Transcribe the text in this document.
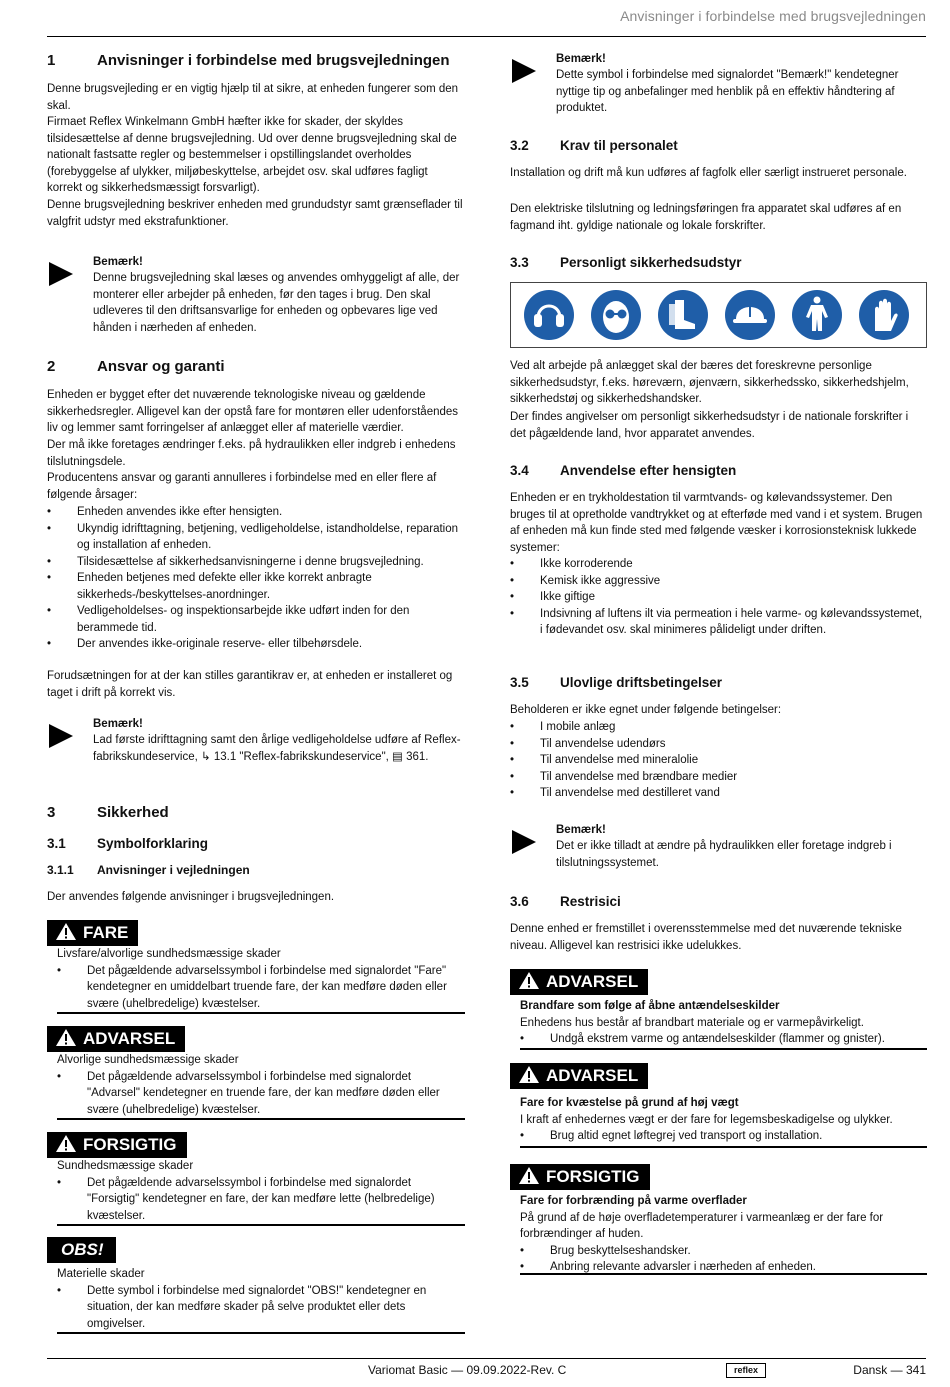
Anvisninger i forbindelse med brugsvejledningen
1	Anvisninger i forbindelse med brugsvejledningen
Denne brugsvejleding er en vigtig hjælp til at sikre, at enheden fungerer som den skal.
Firmaet Reflex Winkelmann GmbH hæfter ikke for skader, der skyldes tilsidesættelse af denne brugsvejledning. Ud over denne brugsvejledning skal de nationalt fastsatte regler og bestemmelser i opstillingslandet overholdes (forebyggelse af ulykker, miljøbeskyttelse, arbejdet osv. skal udføres fagligt korrekt og sikkerhedsmæssigt forsvarligt).
Denne brugsvejledning beskriver enheden med grundudstyr samt grænseflader til valgfrit udstyr med ekstrafunktioner.
Bemærk!
Denne brugsvejledning skal læses og anvendes omhyggeligt af alle, der monterer eller arbejder på enheden, før den tages i brug. Den skal udleveres til den driftsansvarlige for enheden og opbevares lige ved hånden i nærheden af enheden.
2	Ansvar og garanti
Enheden er bygget efter det nuværende teknologiske niveau og gældende sikkerhedsregler. Alligevel kan der opstå fare for montøren eller udenforståendes liv og lemmer samt forringelser af anlægget eller af materielle værdier.
Der må ikke foretages ændringer f.eks. på hydraulikken eller indgreb i enhedens tilslutningsdele.
Producentens ansvar og garanti annulleres i forbindelse med en eller flere af følgende årsager:
• Enheden anvendes ikke efter hensigten.
• Ukyndig idrifttagning, betjening, vedligeholdelse, istandholdelse, reparation og installation af enheden.
• Tilsidesættelse af sikkerhedsanvisningerne i denne brugsvejledning.
• Enheden betjenes med defekte eller ikke korrekt anbragte sikkerheds-/beskyttelses-anordninger.
• Vedligeholdelses- og inspektionsarbejde ikke udført inden for den berammede tid.
• Der anvendes ikke-originale reserve- eller tilbehørsdele.
Forudsætningen for at der kan stilles garantikrav er, at enheden er installeret og taget i drift på korrekt vis.
Bemærk!
Lad første idrifttagning samt den årlige vedligeholdelse udføre af Reflex-fabrikskundeservice, ↳ 13.1 "Reflex-fabrikskundeservice", ▤ 361.
3	Sikkerhed
3.1 Symbolforklaring
3.1.1 Anvisninger i vejledningen
Der anvendes følgende anvisninger i brugsvejledningen.
FARE
Livsfare/alvorlige sundhedsmæssige skader
• Det pågældende advarselssymbol i forbindelse med signalordet "Fare" kendetegner en umiddelbart truende fare, der kan medføre døden eller svære (uhelbredelige) kvæstelser.
ADVARSEL
Alvorlige sundhedsmæssige skader
• Det pågældende advarselssymbol i forbindelse med signalordet "Advarsel" kendetegner en truende fare, der kan medføre døden eller svære (uhelbredelige) kvæstelser.
FORSIGTIG
Sundhedsmæssige skader
• Det pågældende advarselssymbol i forbindelse med signalordet "Forsigtig" kendetegner en fare, der kan medføre lette (helbredelige) kvæstelser.
OBS!
Materielle skader
• Dette symbol i forbindelse med signalordet "OBS!" kendetegner en situation, der kan medføre skader på selve produktet eller dets omgivelser.
Bemærk!
Dette symbol i forbindelse med signalordet "Bemærk!" kendetegner nyttige tip og anbefalinger med henblik på en effektiv håndtering af produktet.
3.2 Krav til personalet
Installation og drift må kun udføres af fagfolk eller særligt instrueret personale.
Den elektriske tilslutning og ledningsføringen fra apparatet skal udføres af en fagmand iht. gyldige nationale og lokale forskrifter.
3.3 Personligt sikkerhedsudstyr
Ved alt arbejde på anlægget skal der bæres det foreskrevne personlige sikkerhedsudstyr, f.eks. høreværn, øjenværn, sikkerhedssko, sikkerhedshjelm, sikkerhedstøj og sikkerhedshandsker.
Der findes angivelser om personligt sikkerhedsudstyr i de nationale forskrifter i det pågældende land, hvor apparatet anvendes.
3.4 Anvendelse efter hensigten
Enheden er en trykholdestation til varmtvands- og kølevandssystemer. Den bruges til at opretholde vandtrykket og at efterføde med vand i et system. Brugen af enheden må kun finde sted med følgende væsker i korrosionsteknisk lukkede systemer:
• Ikke korroderende
• Kemisk ikke aggressive
• Ikke giftige
• Indsivning af luftens ilt via permeation i hele varme- og kølevandssystemet, i fødevandet osv. skal minimeres pålideligt under driften.
3.5 Ulovlige driftsbetingelser
Beholderen er ikke egnet under følgende betingelser:
• I mobile anlæg
• Til anvendelse udendørs
• Til anvendelse med mineralolie
• Til anvendelse med brændbare medier
• Til anvendelse med destilleret vand
Bemærk!
Det er ikke tilladt at ændre på hydraulikken eller foretage indgreb i tilslutningssystemet.
3.6 Restrisici
Denne enhed er fremstillet i overensstemmelse med det nuværende tekniske niveau. Alligevel kan restrisici ikke udelukkes.
ADVARSEL
Brandfare som følge af åbne antændelseskilder
Enhedens hus består af brandbart materiale og er varmepåvirkeligt.
• Undgå ekstrem varme og antændelseskilder (flammer og gnister).
ADVARSEL
Fare for kvæstelse på grund af høj vægt
I kraft af enhedernes vægt er der fare for legemsbeskadigelse og ulykker.
• Brug altid egnet løftegrej ved transport og installation.
FORSIGTIG
Fare for forbrænding på varme overflader
På grund af de høje overfladetemperaturer i varmeanlæg er der fare for forbrændinger af huden.
• Brug beskyttelseshandsker.
• Anbring relevante advarsler i nærheden af enheden.
Variomat Basic — 09.09.2022-Rev. C	reflex	Dansk — 341
